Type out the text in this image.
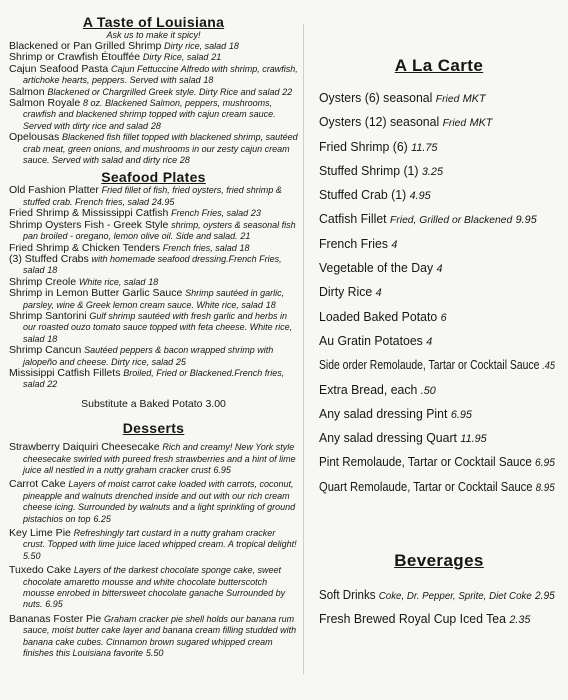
A Taste of Louisiana
Ask us to make it spicy!
Blackened or Pan Grilled Shrimp Dirty rice, salad 18
Shrimp or Crawfish Étouffée Dirty Rice, salad 21
Cajun Seafood Pasta Cajun Fettuccine Alfredo with shrimp, crawfish, artichoke hearts, peppers. Served with salad 18
Salmon Blackened or Chargrilled Greek style. Dirty Rice and salad 22
Salmon Royale 8 oz. Blackened Salmon, peppers, mushrooms, crawfish and blackened shrimp topped with cajun cream sauce. Served with dirty rice and salad 28
Opelousas Blackened fish fillet topped with blackened shrimp, sautéed crab meat, green onions, and mushrooms in our zesty cajun cream sauce. Served with salad and dirty rice 28
Seafood Plates
Old Fashion Platter Fried fillet of fish, fried oysters, fried shrimp & stuffed crab. French fries, salad 24.95
Fried Shrimp & Mississippi Catfish French Fries, salad 23
Shrimp Oysters Fish - Greek Style shrimp, oysters & seasonal fish pan broiled - oregano, lemon olive oil. Side and salad. 21
Fried Shrimp & Chicken Tenders French fries, salad 18
(3) Stuffed Crabs with homemade seafood dressing.French Fries, salad 18
Shrimp Creole White rice, salad 18
Shrimp in Lemon Butter Garlic Sauce Shrimp sautéed in garlic, parsley, wine & Greek lemon cream sauce. White rice, salad 18
Shrimp Santorini Gulf shrimp sautéed with fresh garlic and herbs in our roasted ouzo tomato sauce topped with feta cheese. White rice, salad 18
Shrimp Cancun Sautéed peppers & bacon wrapped shrimp with jalopeño and cheese. Dirty rice, salad 25
Missisippi Catfish Fillets Broiled, Fried or Blackened.French fries, salad 22
Substitute a Baked Potato 3.00
Desserts
Strawberry Daiquiri Cheesecake Rich and creamy! New York style cheesecake swirled with pureed fresh strawberries and a hint of lime juice all nestled in a nutty graham cracker crust 6.95
Carrot Cake Layers of moist carrot cake loaded with carrots, coconut, pineapple and walnuts drenched inside and out with our rich cream cheese icing. Surrounded by walnuts and a light sprinkling of ground pistachios on top 6.25
Key Lime Pie Refreshingly tart custard in a nutty graham cracker crust. Topped with lime juice laced whipped cream. A tropical delight! 5.50
Tuxedo Cake Layers of the darkest chocolate sponge cake, sweet chocolate amaretto mousse and white chocolate butterscotch mousse enrobed in bittersweet chocolate ganache Surrounded by nuts. 6.95
Bananas Foster Pie Graham cracker pie shell holds our banana rum sauce, moist butter cake layer and banana cream filling studded with banana cake cubes. Cinnamon brown sugared whipped cream finishes this Louisiana favorite 5.50
A La Carte
Oysters (6) seasonal Fried MKT
Oysters (12) seasonal Fried MKT
Fried Shrimp (6) 11.75
Stuffed Shrimp (1) 3.25
Stuffed Crab (1) 4.95
Catfish Fillet Fried, Grilled or Blackened 9.95
French Fries 4
Vegetable of the Day 4
Dirty Rice 4
Loaded Baked Potato 6
Au Gratin Potatoes 4
Side order Remolaude, Tartar or Cocktail Sauce .45
Extra Bread, each .50
Any salad dressing Pint 6.95
Any salad dressing Quart 11.95
Pint Remolaude, Tartar or Cocktail Sauce 6.95
Quart Remolaude, Tartar or Cocktail Sauce 8.95
Beverages
Soft Drinks Coke, Dr. Pepper, Sprite, Diet Coke 2.95
Fresh Brewed Royal Cup Iced Tea 2.35
